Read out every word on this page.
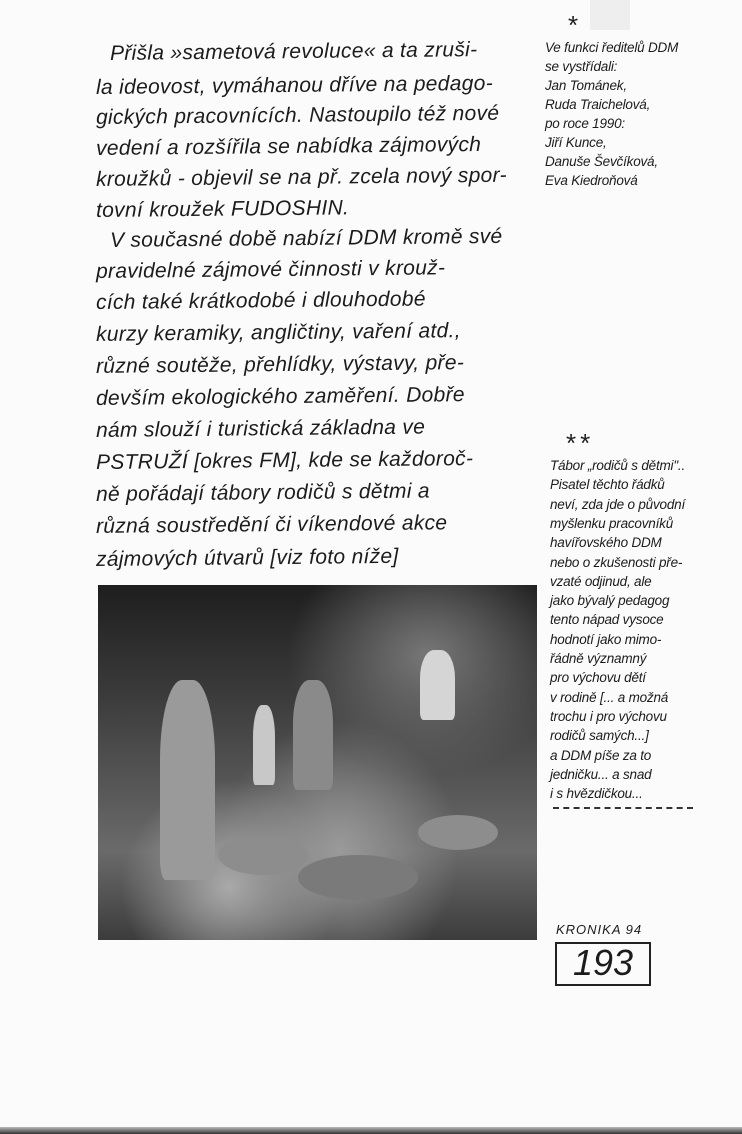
Přišla »sametová revoluce« a ta zruši-
la ideovost, vymáhanou dříve na pedago-
gických pracovnících. Nastoupilo též nové
vedení a rozšířila se nabídka zájmových
kroužků - objevil se na př. zcela nový spor-
tovní kroužek FUDOSHIN.
V současné době nabízí DDM kromě své
pravidelné zájmové činnosti v krouž-
cích také krátkodobé i dlouhodobé
kurzy keramiky, angličtiny, vaření atd.,
různé soutěže, přehlídky, výstavy, pře-
devším ekologického zaměření. Dobře
nám slouží i turistická základna ve
PSTRUŽÍ [okres FM], kde se každoroč-
ně pořádají tábory rodičů s dětmi a
různá soustředění či víkendové akce
zájmových útvarů [viz foto níže]
*
Ve funkci ředitelů DDM
se vystřídali:
Jan Tománek,
Ruda Traichelová,
po roce 1990:
Jiří Kunce,
Danuše Ševčíková,
Eva Kiedroňová
**
Tábor „rodičů s dětmi"..
Pisatel těchto řádků
neví, zda jde o původní
myšlenku pracovníků
havířovského DDM
nebo o zkušenosti pře-
vzaté odjinud, ale
jako bývalý pedagog
tento nápad vysoce
hodnotí jako mimo-
řádně významný
pro výchovu dětí
v rodině [... a možná
trochu i pro výchovu
rodičů samých...]
a DDM píše za to
jedničku... a snad
i s hvězdičkou...
KRONIKA 94
193
